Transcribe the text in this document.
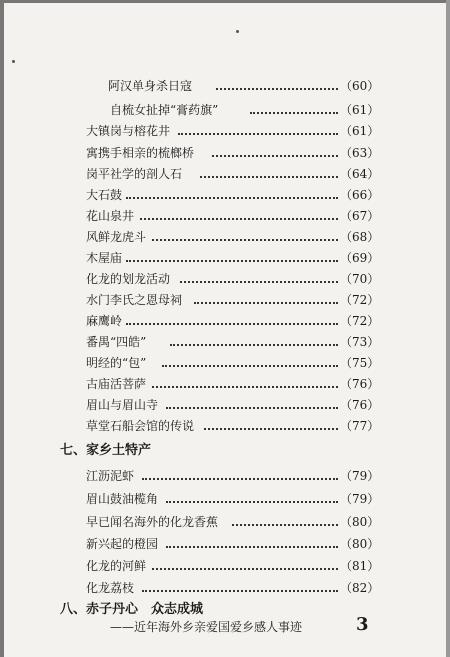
阿汉单身杀日寇	（60）
自梳女扯掉“膏药旗”	（61）
大镇岗与榕花井	（61）
寓携手相亲的梳榔桥	（63）
岗平社学的剖人石	（64）
大石鼓	（66）
花山泉井	（67）
风鲜龙虎斗	（68）
木屋庙	（69）
化龙的划龙活动	（70）
水门李氏之恩母祠	（72）
麻鹰岭	（72）
番禺“四皓”	（73）
明经的“包”	（75）
古庙活菩萨	（76）
眉山与眉山寺	（76）
草堂石船会馆的传说	（77）
七、家乡土特产
江沥泥虾	（79）
眉山鼓油榄角	（79）
早已闻名海外的化龙香蕉	（80）
新兴起的橙园	（80）
化龙的河鲜	（81）
化龙荔枝	（82）
八、赤子丹心　众志成城
——近年海外乡亲爱国爱乡感人事迹	3
